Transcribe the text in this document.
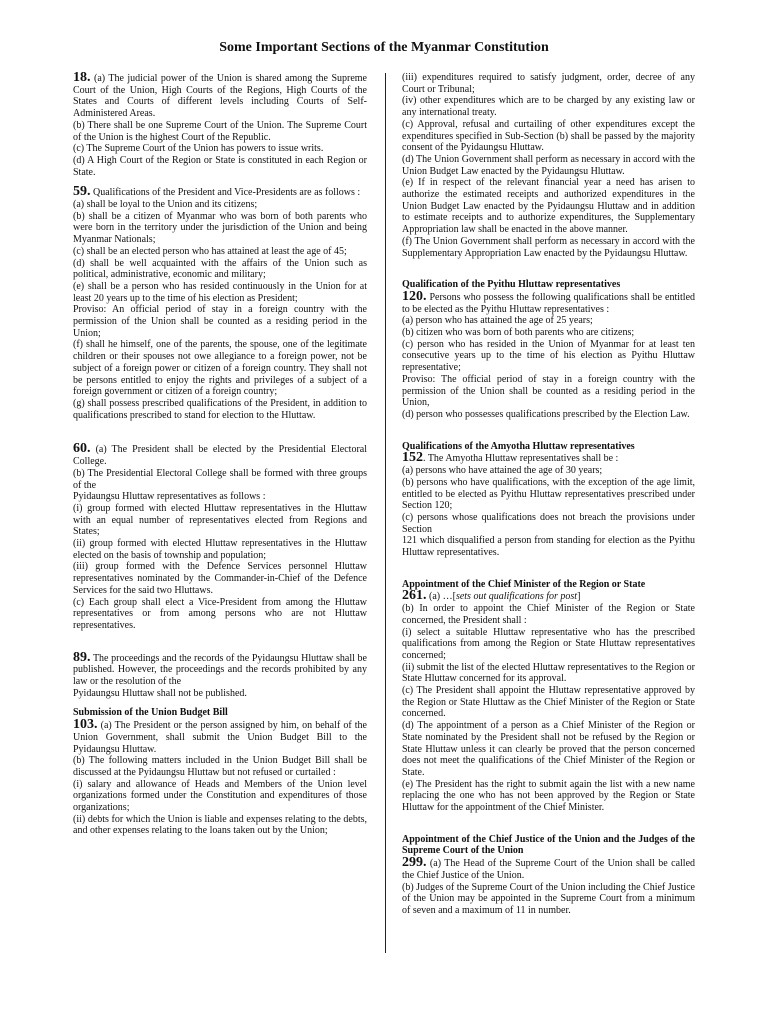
Some Important Sections of the Myanmar Constitution

18. (a) The judicial power of the Union is shared among the Supreme Court of the Union, High Courts of the Regions, High Courts of the States and Courts of different levels including Courts of Self-Administered Areas.

(b) There shall be one Supreme Court of the Union. The Supreme Court of the Union is the highest Court of the Republic.

(c) The Supreme Court of the Union has powers to issue writs.

(d) A High Court of the Region or State is constituted in each Region or State.

59. Qualifications of the President and Vice-Presidents are as follows :

(a) shall be loyal to the Union and its citizens;

(b) shall be a citizen of Myanmar who was born of both parents who were born in the territory under the jurisdiction of the Union and being Myanmar Nationals;

(c) shall be an elected person who has attained at least the age of 45;

(d) shall be well acquainted with the affairs of the Union such as political, administrative, economic and military;

(e) shall be a person who has resided continuously in the Union for at least 20 years up to the time of his election as President;

Proviso: An official period of stay in a foreign country with the permission of the Union shall be counted as a residing period in the Union;

(f) shall he himself, one of the parents, the spouse, one of the legitimate children or their spouses not owe allegiance to a foreign power, not be subject of a foreign power or citizen of a foreign country. They shall not be persons entitled to enjoy the rights and privileges of a subject of a foreign government or citizen of a foreign country;

(g) shall possess prescribed qualifications of the President, in addition to qualifications prescribed to stand for election to the Hluttaw.

60. (a) The President shall be elected by the Presidential Electoral College.

(b) The Presidential Electoral College shall be formed with three groups of the

Pyidaungsu Hluttaw representatives as follows :

(i) group formed with elected Hluttaw representatives in the Hluttaw with an equal number of representatives elected from Regions and States;

(ii) group formed with elected Hluttaw representatives in the Hluttaw elected on the basis of township and population;

(iii) group formed with the Defence Services personnel Hluttaw representatives nominated by the Commander-in-Chief of the Defence Services for the said two Hluttaws.

(c) Each group shall elect a Vice-President from among the Hluttaw representatives or from among persons who are not Hluttaw representatives.

89. The proceedings and the records of the Pyidaungsu Hluttaw shall be published. However, the proceedings and the records prohibited by any law or the resolution of the

Pyidaungsu Hluttaw shall not be published.

Submission of the Union Budget Bill

103. (a) The President or the person assigned by him, on behalf of the Union Government, shall submit the Union Budget Bill to the Pyidaungsu Hluttaw.

(b) The following matters included in the Union Budget Bill shall be discussed at the Pyidaungsu Hluttaw but not refused or curtailed :

(i) salary and allowance of Heads and Members of the Union level organizations formed under the Constitution and expenditures of those organizations;

(ii) debts for which the Union is liable and expenses relating to the debts, and other expenses relating to the loans taken out by the Union;

(iii) expenditures required to satisfy judgment, order, decree of any Court or Tribunal;

(iv) other expenditures which are to be charged by any existing law or any international treaty.

(c) Approval, refusal and curtailing of other expenditures except the expenditures specified in Sub-Section (b) shall be passed by the majority consent of the Pyidaungsu Hluttaw.

(d) The Union Government shall perform as necessary in accord with the Union Budget Law enacted by the Pyidaungsu Hluttaw.

(e) If in respect of the relevant financial year a need has arisen to authorize the estimated receipts and authorized expenditures in the Union Budget Law enacted by the Pyidaungsu Hluttaw and in addition to estimate receipts and to authorize expenditures, the Supplementary Appropriation law shall be enacted in the above manner.

(f) The Union Government shall perform as necessary in accord with the Supplementary Appropriation Law enacted by the Pyidaungsu Hluttaw.

Qualification of the Pyithu Hluttaw representatives

120. Persons who possess the following qualifications shall be entitled to be elected as the Pyithu Hluttaw representatives :

(a) person who has attained the age of 25 years;

(b) citizen who was born of both parents who are citizens;

(c) person who has resided in the Union of Myanmar for at least ten consecutive years up to the time of his election as Pyithu Hluttaw representative;

Proviso: The official period of stay in a foreign country with the permission of the Union shall be counted as a residing period in the Union,

(d) person who possesses qualifications prescribed by the Election Law.

Qualifications of the Amyotha Hluttaw representatives

152. The Amyotha Hluttaw representatives shall be :

(a) persons who have attained the age of 30 years;

(b) persons who have qualifications, with the exception of the age limit, entitled to be elected as Pyithu Hluttaw representatives prescribed under Section 120;

(c) persons whose qualifications does not breach the provisions under Section

121 which disqualified a person from standing for election as the Pyithu Hluttaw representatives.

Appointment of the Chief Minister of the Region or State

261. (a) …[sets out qualifications for post]

(b) In order to appoint the Chief Minister of the Region or State concerned, the President shall :

(i) select a suitable Hluttaw representative who has the prescribed qualifications from among the Region or State Hluttaw representatives concerned;

(ii) submit the list of the elected Hluttaw representatives to the Region or State Hluttaw concerned for its approval.

(c) The President shall appoint the Hluttaw representative approved by the Region or State Hluttaw as the Chief Minister of the Region or State concerned.

(d) The appointment of a person as a Chief Minister of the Region or State nominated by the President shall not be refused by the Region or State Hluttaw unless it can clearly be proved that the person concerned does not meet the qualifications of the Chief Minister of the Region or State.

(e) The President has the right to submit again the list with a new name replacing the one who has not been approved by the Region or State Hluttaw for the appointment of the Chief Minister.

Appointment of the Chief Justice of the Union and the Judges of the Supreme Court of the Union

299. (a) The Head of the Supreme Court of the Union shall be called the Chief Justice of the Union.

(b) Judges of the Supreme Court of the Union including the Chief Justice of the Union may be appointed in the Supreme Court from a minimum of seven and a maximum of 11 in number.
